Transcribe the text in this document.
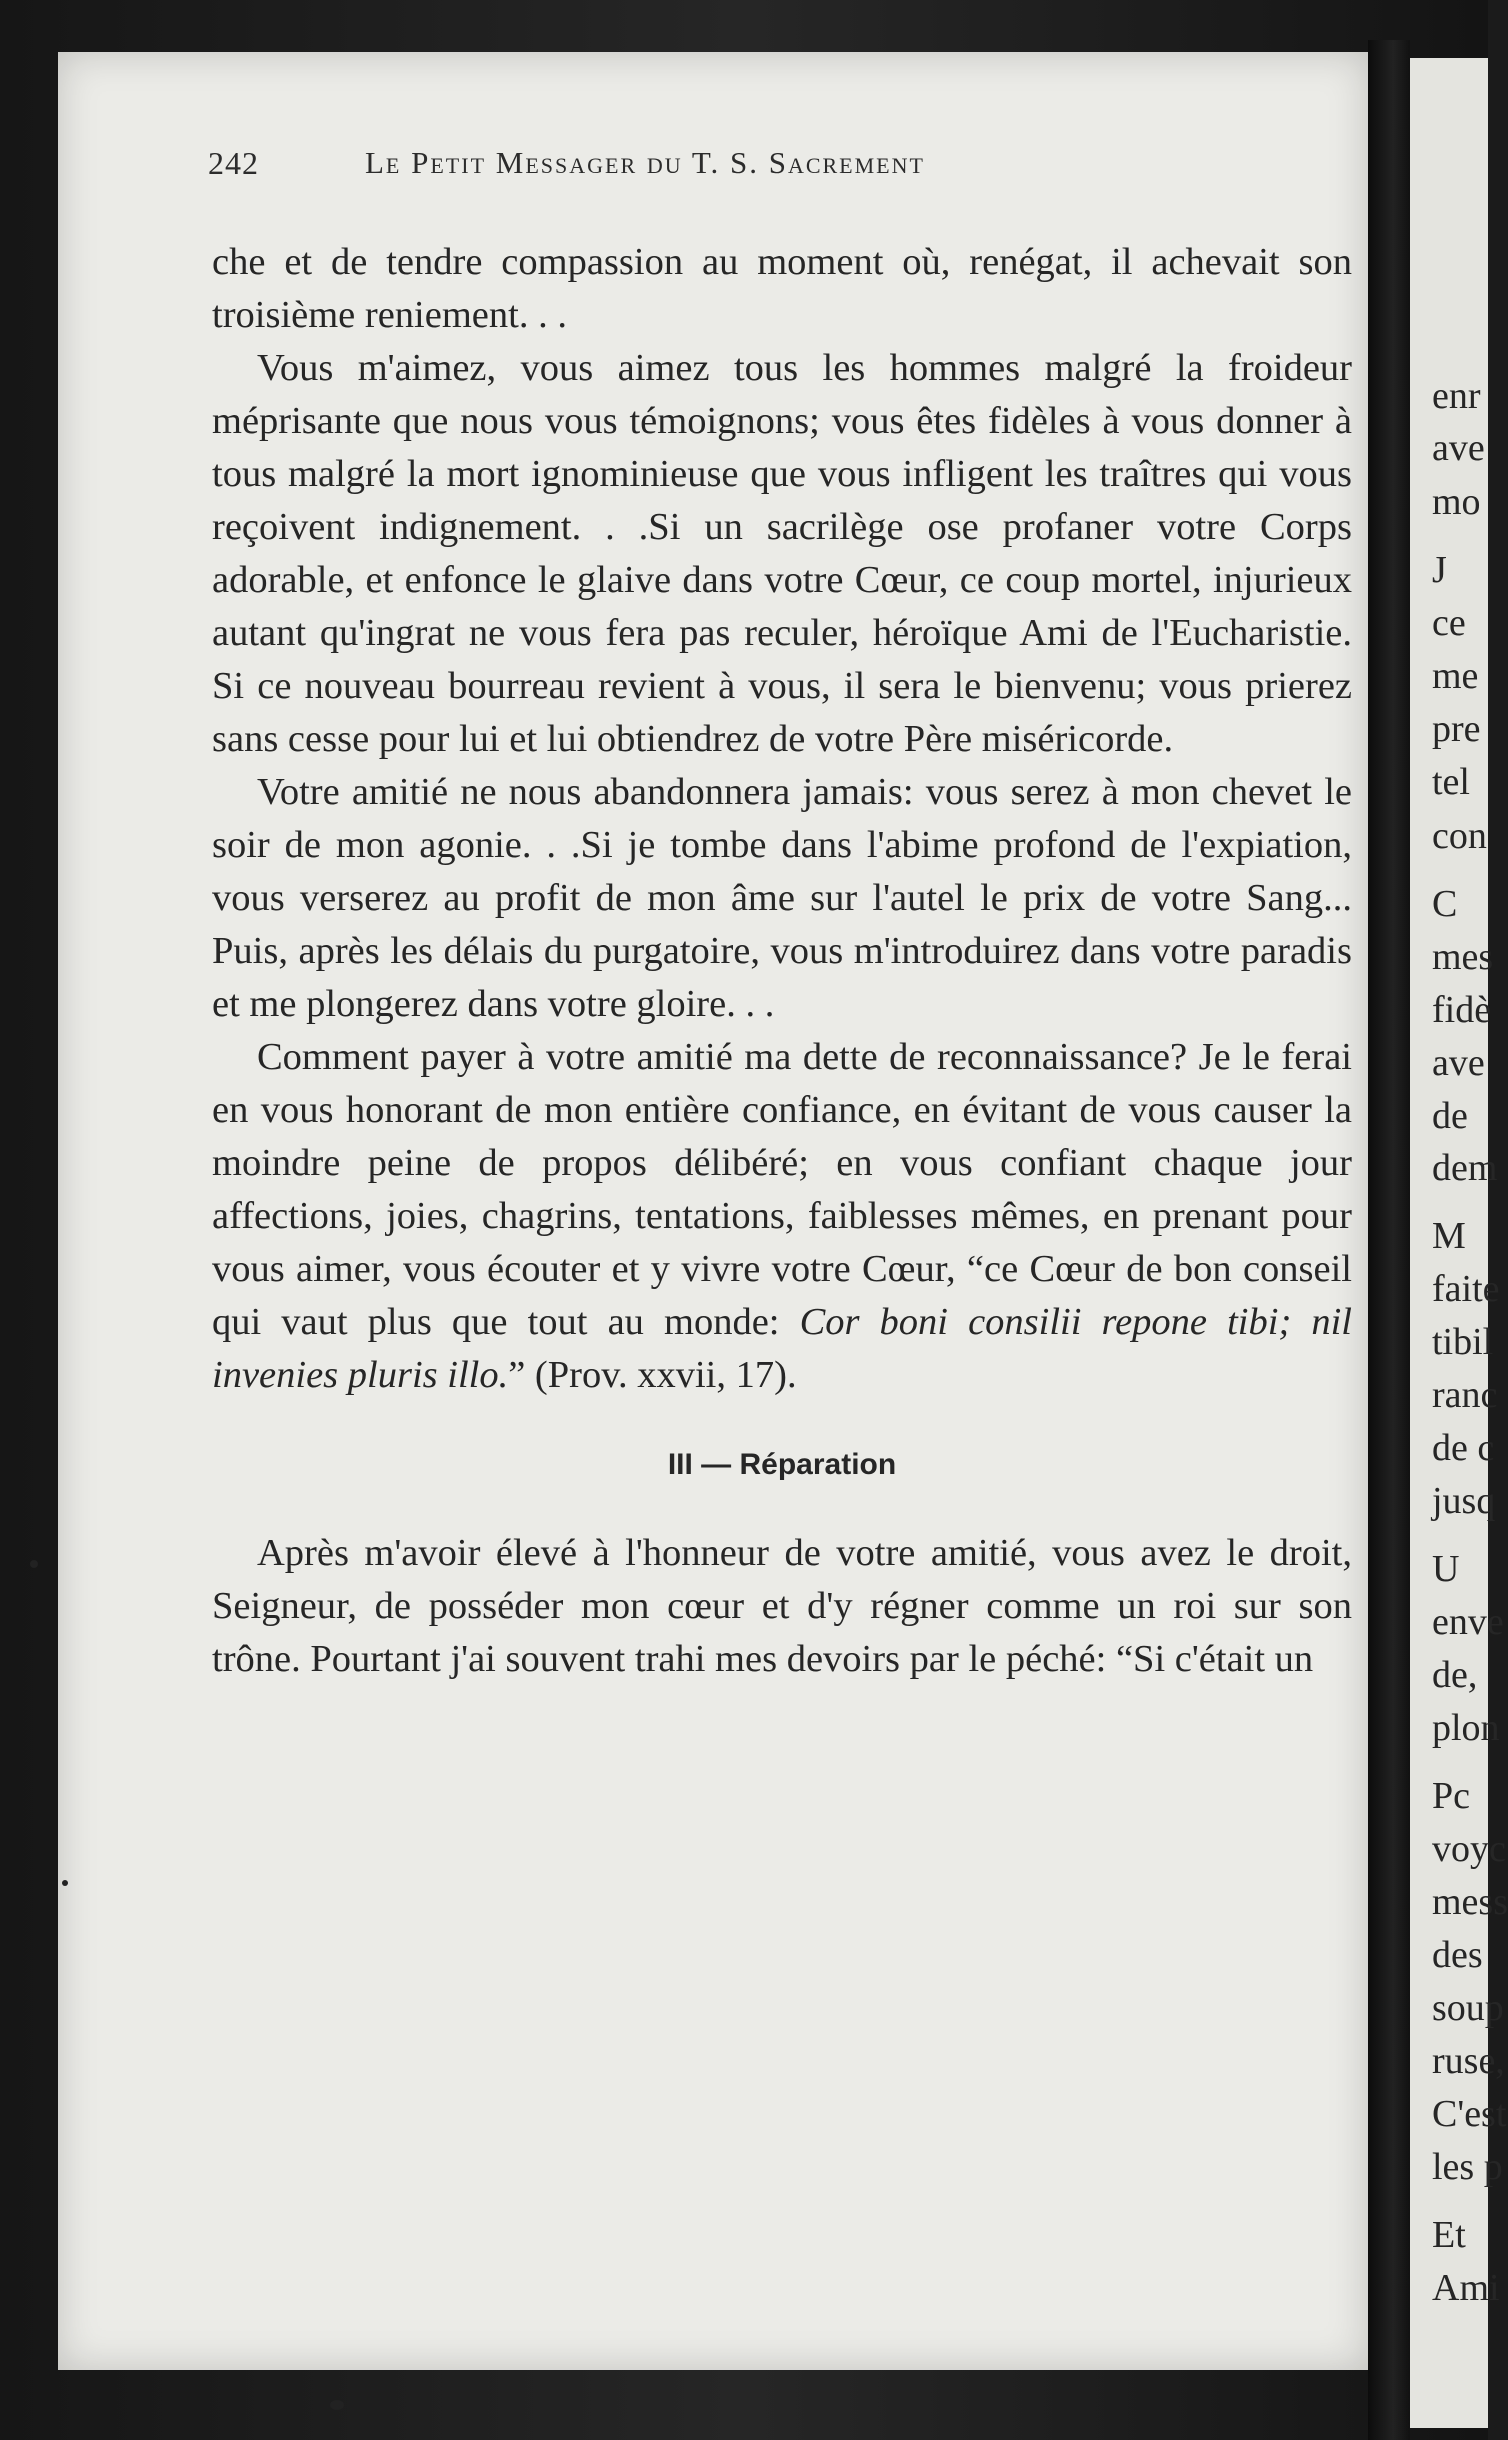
242	Le Petit Messager du T. S. Sacrement

che et de tendre compassion au moment où, renégat, il achevait son troisième reniement. . .

Vous m'aimez, vous aimez tous les hommes malgré la froideur méprisante que nous vous témoignons; vous êtes fidèles à vous donner à tous malgré la mort ignominieuse que vous infligent les traîtres qui vous reçoivent indignement. . .Si un sacrilège ose profaner votre Corps adorable, et enfonce le glaive dans votre Cœur, ce coup mortel, injurieux autant qu'ingrat ne vous fera pas reculer, héroïque Ami de l'Eucharistie. Si ce nouveau bourreau revient à vous, il sera le bienvenu; vous prierez sans cesse pour lui et lui obtiendrez de votre Père miséricorde.

Votre amitié ne nous abandonnera jamais: vous serez à mon chevet le soir de mon agonie. . .Si je tombe dans l'abime profond de l'expiation, vous verserez au profit de mon âme sur l'autel le prix de votre Sang... Puis, après les délais du purgatoire, vous m'introduirez dans votre paradis et me plongerez dans votre gloire. . .

Comment payer à votre amitié ma dette de reconnaissance? Je le ferai en vous honorant de mon entière confiance, en évitant de vous causer la moindre peine de propos délibéré; en vous confiant chaque jour affections, joies, chagrins, tentations, faiblesses mêmes, en prenant pour vous aimer, vous écouter et y vivre votre Cœur, “ce Cœur de bon conseil qui vaut plus que tout au monde: Cor boni consilii repone tibi; nil invenies pluris illo.” (Prov. xxvii, 17).

III — Réparation

Après m'avoir élevé à l'honneur de votre amitié, vous avez le droit, Seigneur, de posséder mon cœur et d'y régner comme un roi sur son trône. Pourtant j'ai souvent trahi mes devoirs par le péché: “Si c'était un

enr
ave
mo
J
ce
me
pre
tel
con
C
mes
fidè
ave
de
dem
M
faite
tibil
ranc
de c
jusq
U
enve
de,
plon
Pc
voyc
mess
des
soup
ruse,
C'est
les p
Et
Ami
